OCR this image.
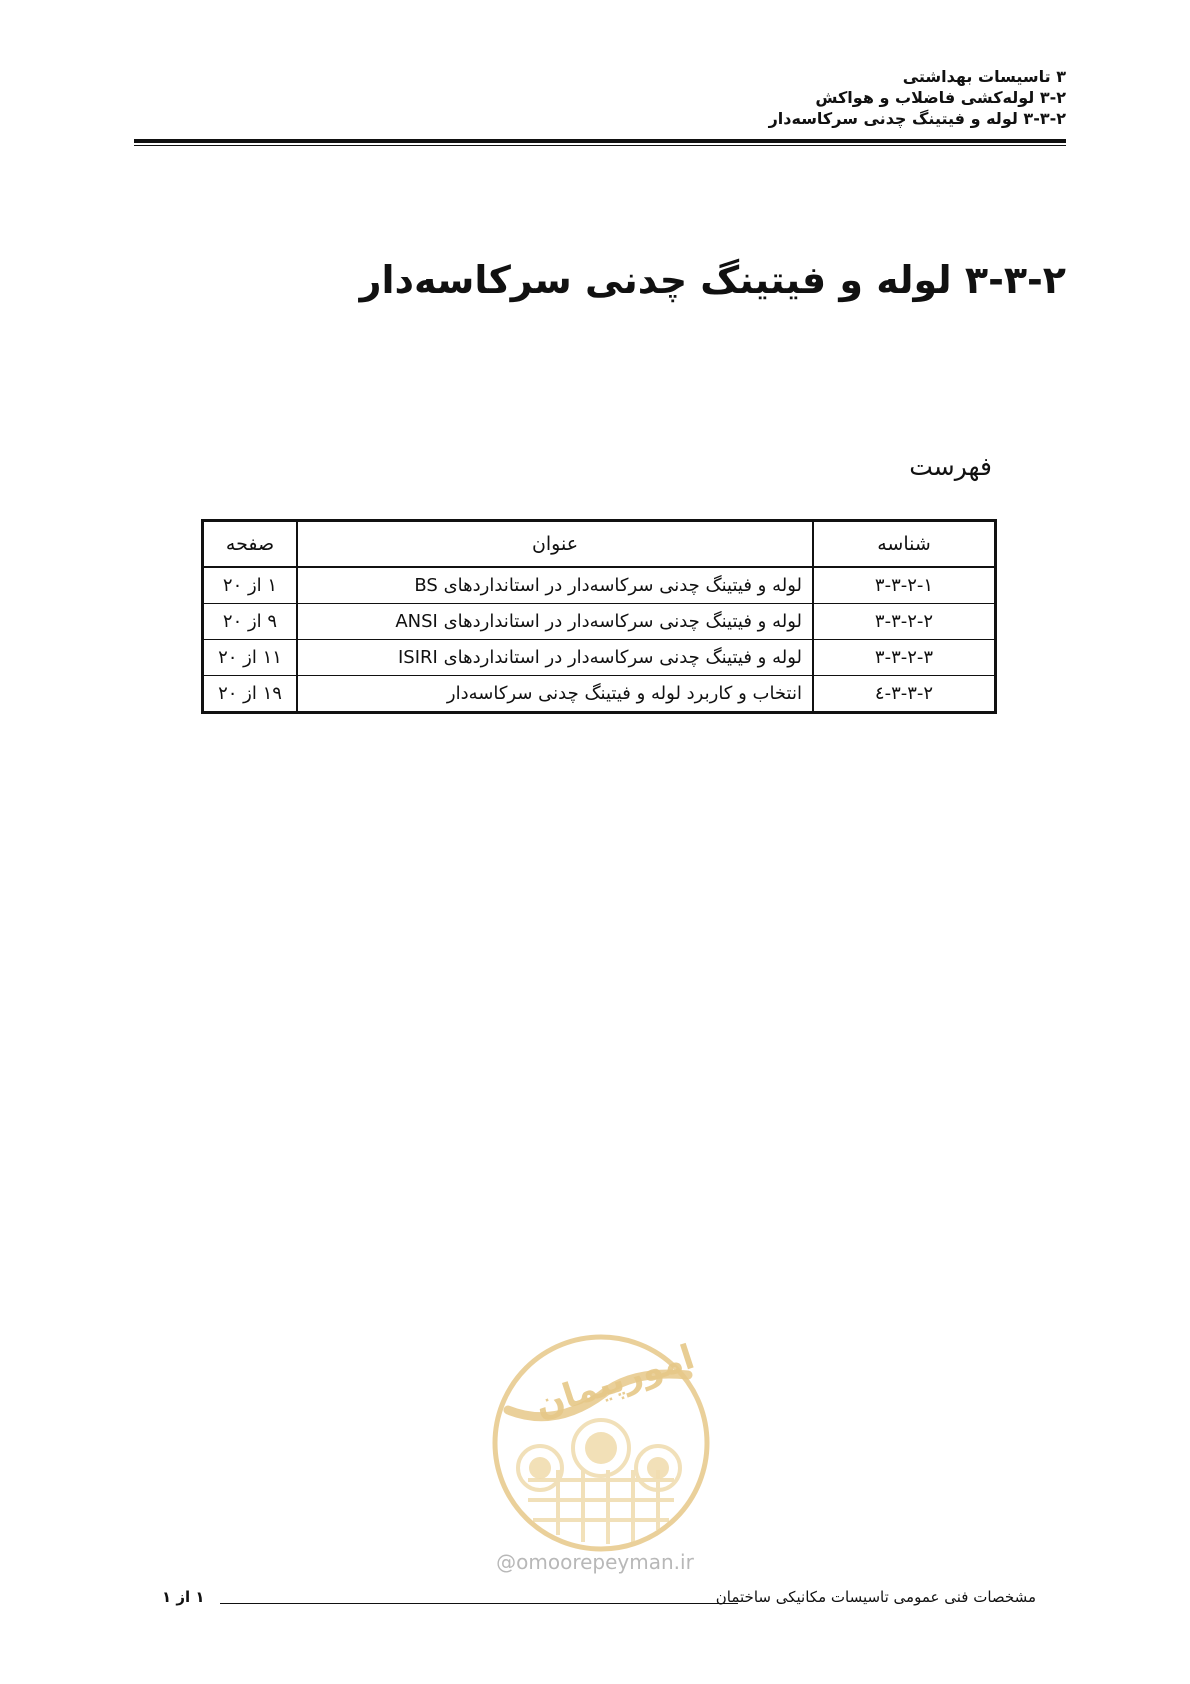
۳ تاسیسات بهداشتی
۳-۲ لوله‌کشی فاضلاب و هواکش
۳-۳-۲ لوله و فیتینگ چدنی سرکاسه‌دار
۳-۳-۲ لوله و فیتینگ چدنی سرکاسه‌دار
فهرست
شناسه	عنوان	صفحه
۳-۳-۲-۱	لوله و فیتینگ چدنی سرکاسه‌دار در استانداردهای BS	۱ از ۲۰
۳-۳-۲-۲	لوله و فیتینگ چدنی سرکاسه‌دار در استانداردهای ANSI	۹ از ۲۰
۳-۳-۲-۳	لوله و فیتینگ چدنی سرکاسه‌دار در استانداردهای ISIRI	۱۱ از ۲۰
۳-۳-۲-٤	انتخاب و کاربرد لوله و فیتینگ چدنی سرکاسه‌دار	۱۹ از ۲۰
امورپیمان
@omoorepeyman.ir
۱ از ۱	مشخصات فنی عمومی تاسیسات مکانیکی ساختمان
